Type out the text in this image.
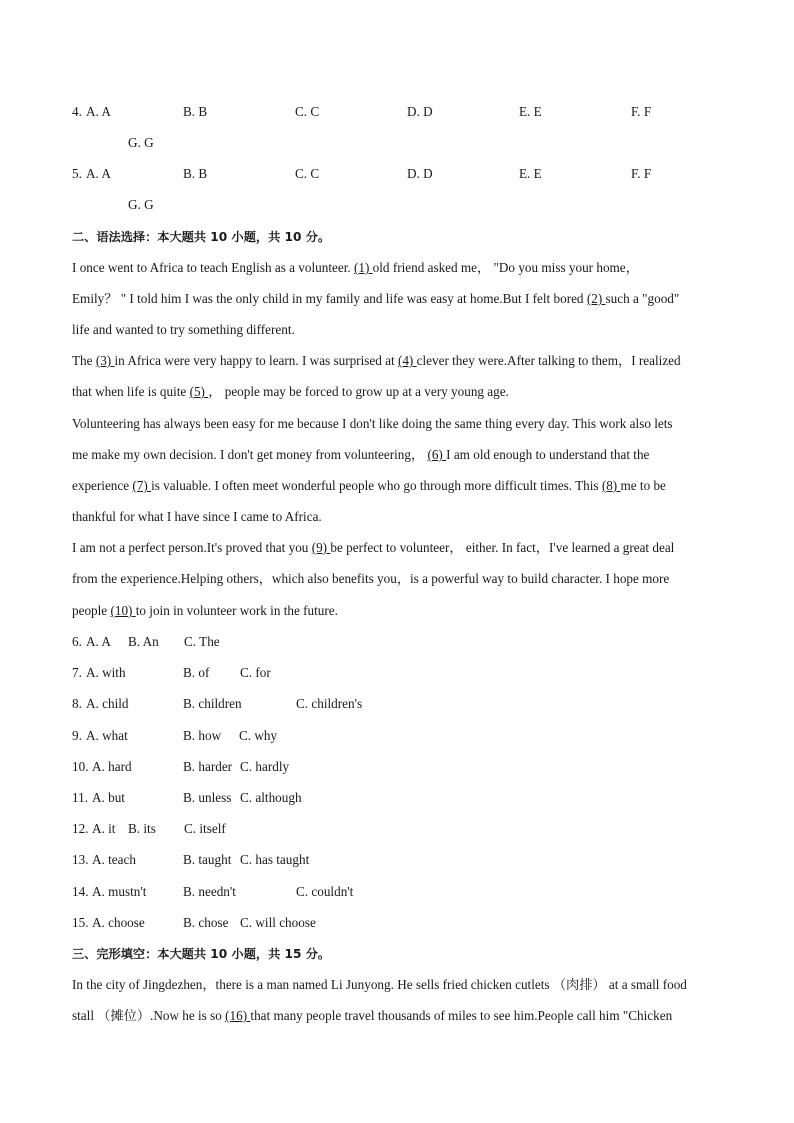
4. A. A	B. B	C. C	D. D	E. E	F. F
G. G
5. A. A	B. B	C. C	D. D	E. E	F. F
G. G
二、语法选择：本大题共 10 小题，共 10 分。
I once went to Africa to teach English as a volunteer. (1) old friend asked me， "Do you miss your home，
Emily？ " I told him I was the only child in my family and life was easy at home.But I felt bored (2) such a "good"
life and wanted to try something different.
The (3) in Africa were very happy to learn. I was surprised at (4) clever they were.After talking to them，I realized
that when life is quite (5) ， people may be forced to grow up at a very young age.
Volunteering has always been easy for me because I don't like doing the same thing every day. This work also lets
me make my own decision. I don't get money from volunteering， (6) I am old enough to understand that the
experience (7) is valuable. I often meet wonderful people who go through more difficult times. This (8) me to be
thankful for what I have since I came to Africa.
I am not a perfect person.It's proved that you (9) be perfect to volunteer， either. In fact，I've learned a great deal
from the experience.Helping others，which also benefits you，is a powerful way to build character. I hope more
people (10) to join in volunteer work in the future.
6. A. A B. An C. The
7. A. with	B. of C. for
8. A. child	B. children	C. children's
9. A. what	B. how C. why
10. A. hard	B. harder C. hardly
11. A. but	B. unless C. although
12. A. it B. its C. itself
13. A. teach	B. taught C. has taught
14. A. mustn't	B. needn't	C. couldn't
15. A. choose	B. chose C. will choose
三、完形填空：本大题共 10 小题，共 15 分。
In the city of Jingdezhen，there is a man named Li Junyong. He sells fried chicken cutlets （肉排） at a small food
stall （摊位）.Now he is so (16) that many people travel thousands of miles to see him.People call him "Chicken
